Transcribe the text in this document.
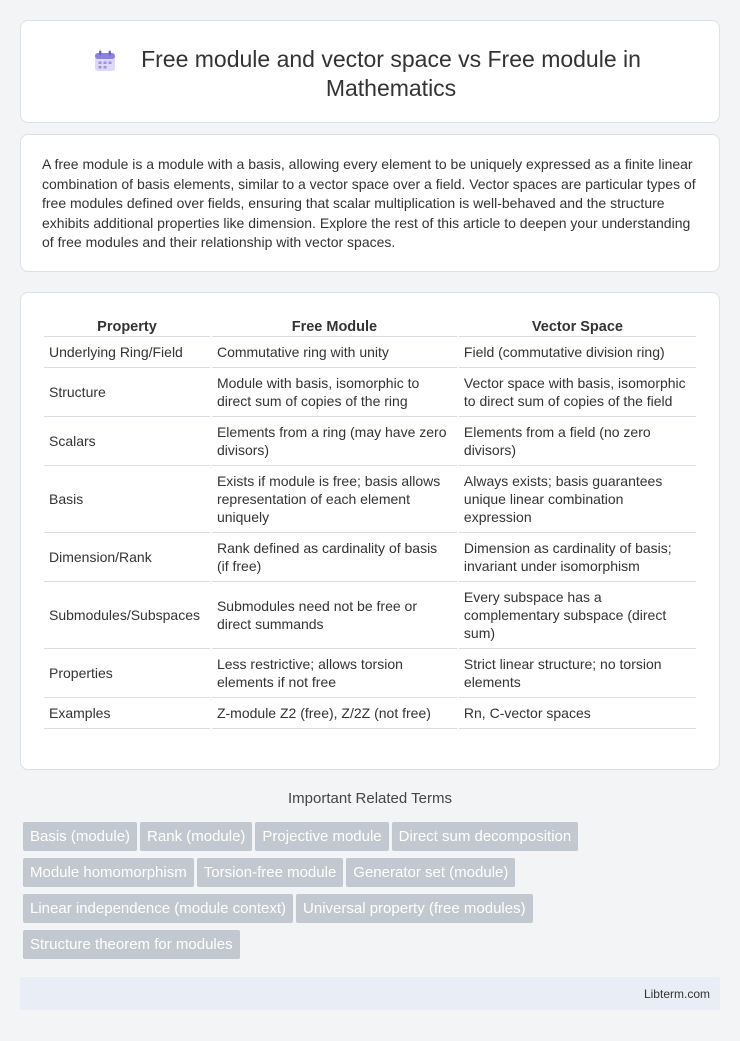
Free module and vector space vs Free module in Mathematics

A free module is a module with a basis, allowing every element to be uniquely expressed as a finite linear combination of basis elements, similar to a vector space over a field. Vector spaces are particular types of free modules defined over fields, ensuring that scalar multiplication is well-behaved and the structure exhibits additional properties like dimension. Explore the rest of this article to deepen your understanding of free modules and their relationship with vector spaces.

Property	Free Module	Vector Space
Underlying Ring/Field	Commutative ring with unity	Field (commutative division ring)
Structure	Module with basis, isomorphic to direct sum of copies of the ring	Vector space with basis, isomorphic to direct sum of copies of the field
Scalars	Elements from a ring (may have zero divisors)	Elements from a field (no zero divisors)
Basis	Exists if module is free; basis allows representation of each element uniquely	Always exists; basis guarantees unique linear combination expression
Dimension/Rank	Rank defined as cardinality of basis (if free)	Dimension as cardinality of basis; invariant under isomorphism
Submodules/Subspaces	Submodules need not be free or direct summands	Every subspace has a complementary subspace (direct sum)
Properties	Less restrictive; allows torsion elements if not free	Strict linear structure; no torsion elements
Examples	Z-module Z2 (free), Z/2Z (not free)	Rn, C-vector spaces
Important Related Terms
Basis (module) Rank (module) Projective module Direct sum decomposition
Module homomorphism Torsion-free module Generator set (module)
Linear independence (module context) Universal property (free modules)
Structure theorem for modules
Libterm.com
